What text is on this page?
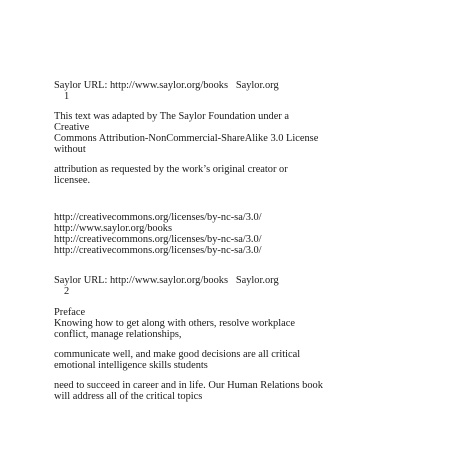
Saylor URL: http://www.saylor.org/books   Saylor.org
1
This text was adapted by The Saylor Foundation under a
Creative
Commons Attribution-NonCommercial-ShareAlike 3.0 License
without
attribution as requested by the work’s original creator or
licensee.
http://creativecommons.org/licenses/by-nc-sa/3.0/
http://www.saylor.org/books
http://creativecommons.org/licenses/by-nc-sa/3.0/
http://creativecommons.org/licenses/by-nc-sa/3.0/
Saylor URL: http://www.saylor.org/books   Saylor.org
2
Preface
Knowing how to get along with others, resolve workplace
conflict, manage relationships,
communicate well, and make good decisions are all critical
emotional intelligence skills students
need to succeed in career and in life. Our Human Relations book
will address all of the critical topics
